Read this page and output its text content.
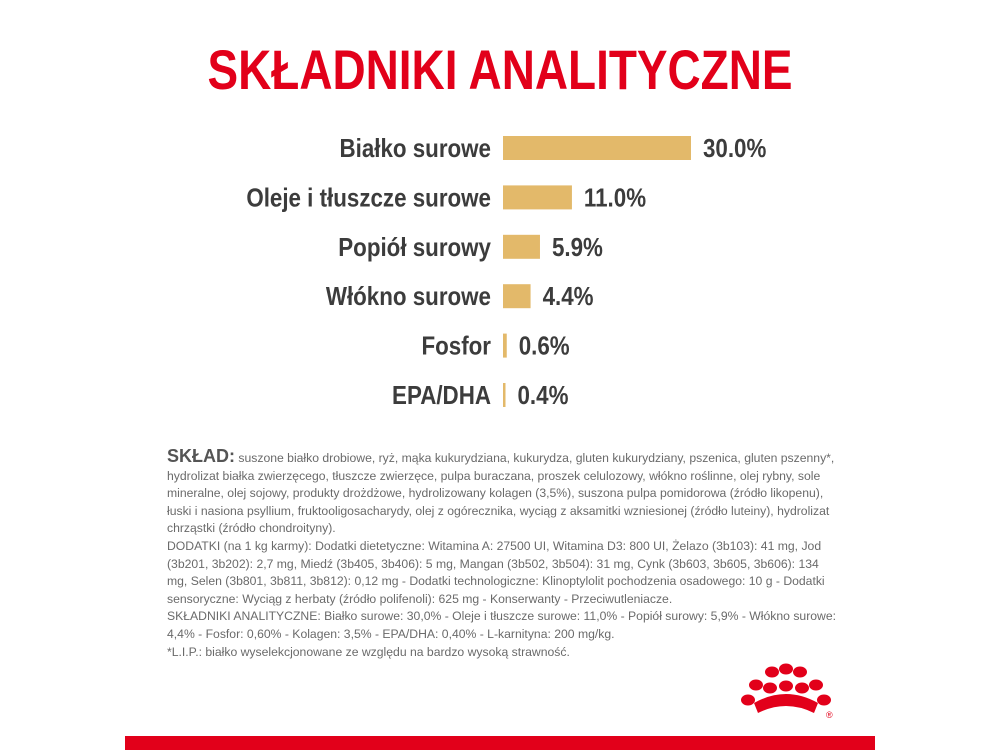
SKŁADNIKI ANALITYCZNE
Białko surowe	30.0%
Oleje i tłuszcze surowe	11.0%
Popiół surowy 5.9%
Włókno surowe 4.4%
Fosfor 0.6%
EPA/DHA 0.4%

SKŁAD: suszone białko drobiowe, ryż, mąka kukurydziana, kukurydza, gluten kukurydziany, pszenica, gluten pszenny*, hydrolizat białka zwierzęcego, tłuszcze zwierzęce, pulpa buraczana, proszek celulozowy, włókno roślinne, olej rybny, sole mineralne, olej sojowy, produkty drożdżowe, hydrolizowany kolagen (3,5%), suszona pulpa pomidorowa (źródło likopenu), łuski i nasiona psyllium, fruktooligosacharydy, olej z ogórecznika, wyciąg z aksamitki wzniesionej (źródło luteiny), hydrolizat chrząstki (źródło chondroityny).

DODATKI (na 1 kg karmy): Dodatki dietetyczne: Witamina A: 27500 UI, Witamina D3: 800 UI, Żelazo (3b103): 41 mg, Jod (3b201, 3b202): 2,7 mg, Miedź (3b405, 3b406): 5 mg, Mangan (3b502, 3b504): 31 mg, Cynk (3b603, 3b605, 3b606): 134 mg, Selen (3b801, 3b811, 3b812): 0,12 mg - Dodatki technologiczne: Klinoptylolit pochodzenia osadowego: 10 g - Dodatki sensoryczne: Wyciąg z herbaty (źródło polifenoli): 625 mg - Konserwanty - Przeciwutleniacze.

SKŁADNIKI ANALITYCZNE: Białko surowe: 30,0% - Oleje i tłuszcze surowe: 11,0% - Popiół surowy: 5,9% - Włókno surowe: 4,4% - Fosfor: 0,60% - Kolagen: 3,5% - EPA/DHA: 0,40% - L-karnityna: 200 mg/kg.

*L.I.P.: białko wyselekcjonowane ze względu na bardzo wysoką strawność.

®
